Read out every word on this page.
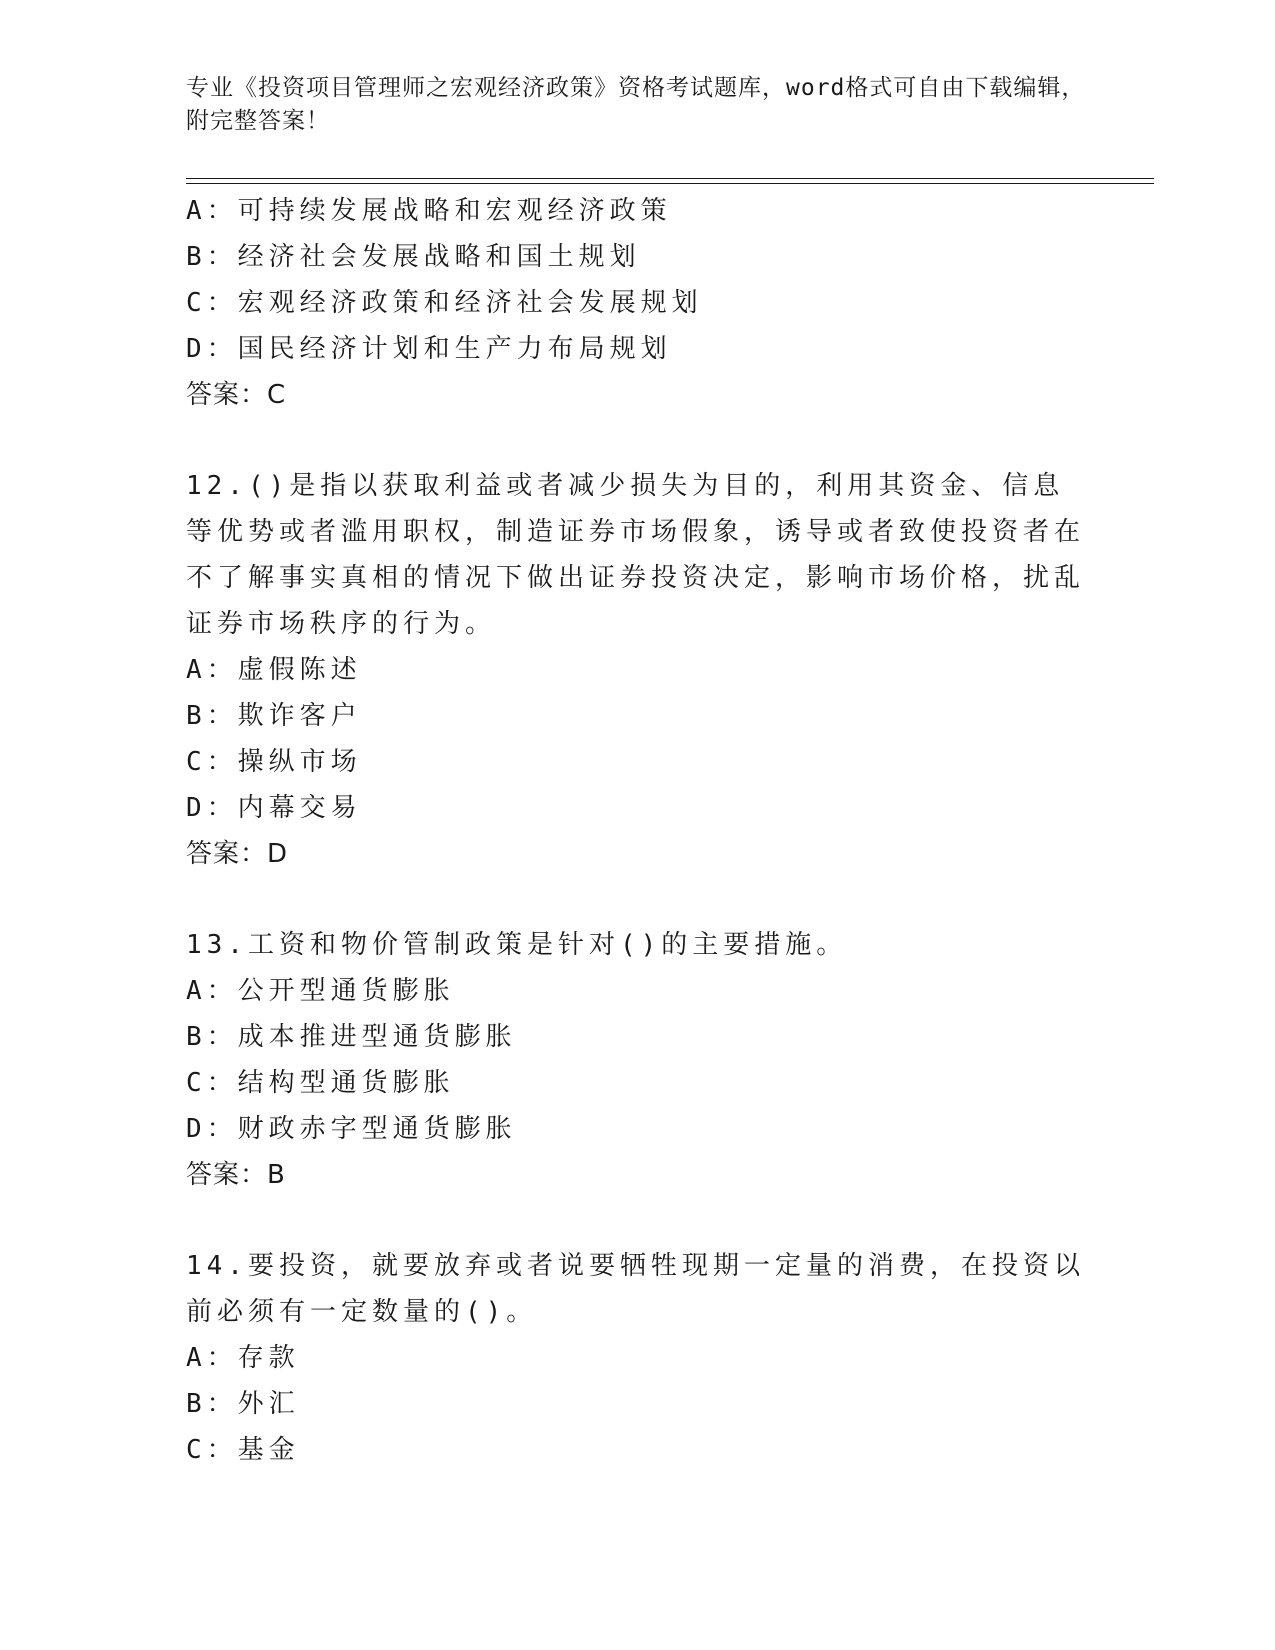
专业《投资项目管理师之宏观经济政策》资格考试题库，word格式可自由下载编辑，附完整答案！
A：可持续发展战略和宏观经济政策
B：经济社会发展战略和国土规划
C：宏观经济政策和经济社会发展规划
D：国民经济计划和生产力布局规划
答案：C
12.()是指以获取利益或者减少损失为目的，利用其资金、信息等优势或者滥用职权，制造证券市场假象，诱导或者致使投资者在不了解事实真相的情况下做出证券投资决定，影响市场价格，扰乱证券市场秩序的行为。
A：虚假陈述
B：欺诈客户
C：操纵市场
D：内幕交易
答案：D
13.工资和物价管制政策是针对()的主要措施。
A：公开型通货膨胀
B：成本推进型通货膨胀
C：结构型通货膨胀
D：财政赤字型通货膨胀
答案：B
14.要投资，就要放弃或者说要牺牲现期一定量的消费，在投资以前必须有一定数量的()。
A：存款
B：外汇
C：基金
